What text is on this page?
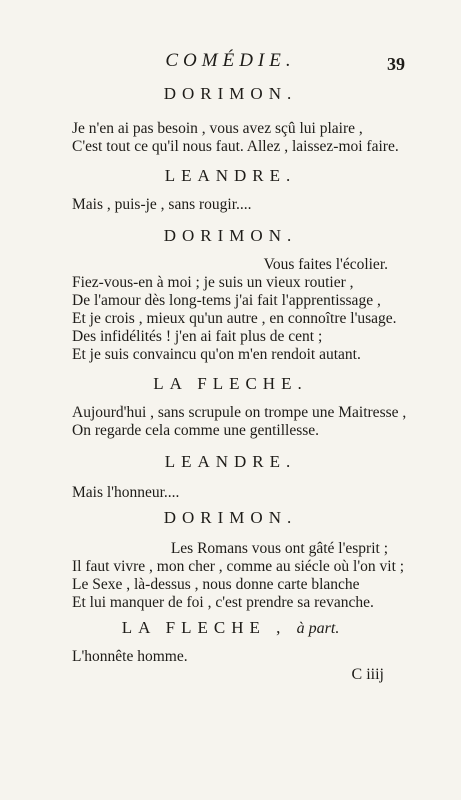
COMÉDIE.	39
DORIMON.
Je n'en ai pas besoin , vous avez sçû lui plaire ,
C'est tout ce qu'il nous faut. Allez , laissez-moi faire.
LEANDRE.
Mais , puis-je , sans rougir....
DORIMON.
Vous faites l'écolier.
Fiez-vous-en à moi ; je suis un vieux routier ,
De l'amour dès long-tems j'ai fait l'apprentissage ,
Et je crois , mieux qu'un autre , en connoître l'usage.
Des infidélités ! j'en ai fait plus de cent ;
Et je suis convaincu qu'on m'en rendoit autant.
LA FLECHE.
Aujourd'hui , sans scrupule on trompe une Maitresse ,
On regarde cela comme une gentillesse.
LEANDRE.
Mais l'honneur....
DORIMON.
Les Romans vous ont gâté l'esprit ;
Il faut vivre , mon cher , comme au siécle où l'on vit ;
Le Sexe , là-dessus , nous donne carte blanche
Et lui manquer de foi , c'est prendre sa revanche.
LA FLECHE , à part.
L'honnête homme.
C iiij
